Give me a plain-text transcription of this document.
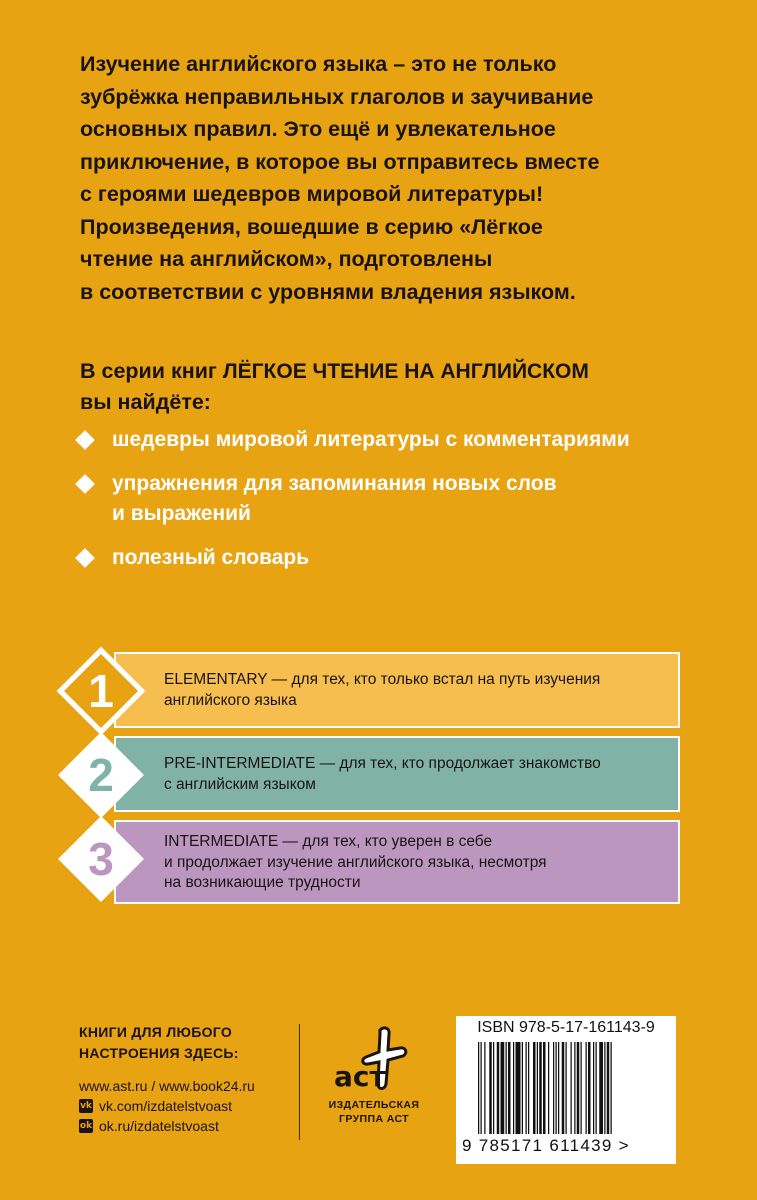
Изучение английского языка – это не только
зубрёжка неправильных глаголов и заучивание
основных правил. Это ещё и увлекательное
приключение, в которое вы отправитесь вместе
с героями шедевров мировой литературы!
Произведения, вошедшие в серию «Лёгкое
чтение на английском», подготовлены
в соответствии с уровнями владения языком.
В серии книг ЛЁГКОЕ ЧТЕНИЕ НА АНГЛИЙСКОМ
вы найдёте:
шедевры мировой литературы с комментариями
упражнения для запоминания новых слов
и выражений
полезный словарь
1	ELEMENTARY — для тех, кто только встал на путь изучения
английского языка
2	PRE-INTERMEDIATE — для тех, кто продолжает знакомство
с английским языком
3	INTERMEDIATE — для тех, кто уверен в себе
и продолжает изучение английского языка, несмотря
на возникающие трудности
КНИГИ ДЛЯ ЛЮБОГО
НАСТРОЕНИЯ ЗДЕСЬ:
www.ast.ru / www.book24.ru
vk vk.com/izdatelstvoast
ok ok.ru/izdatelstvoast
аст
ИЗДАТЕЛЬСКАЯ
ГРУППА АСТ
ISBN 978-5-17-161143-9
9 785171 611439 >
